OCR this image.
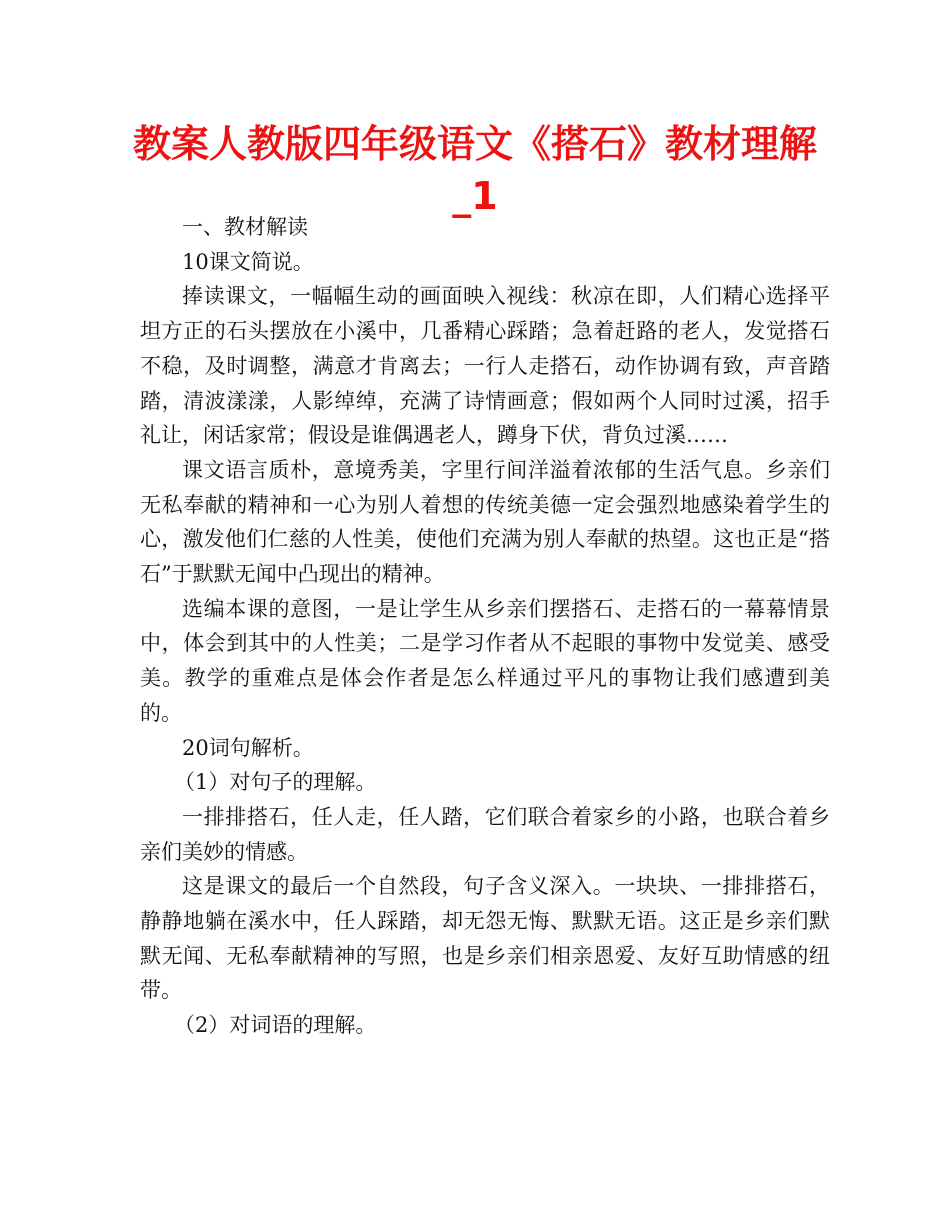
教案人教版四年级语文《搭石》教材理解_1

一、教材解读

10课文简说。

捧读课文，一幅幅生动的画面映入视线：秋凉在即，人们精心选择平坦方正的石头摆放在小溪中，几番精心踩踏；急着赶路的老人，发觉搭石不稳，及时调整，满意才肯离去；一行人走搭石，动作协调有致，声音踏踏，清波漾漾，人影绰绰，充满了诗情画意；假如两个人同时过溪，招手礼让，闲话家常；假设是谁偶遇老人，蹲身下伏，背负过溪……

课文语言质朴，意境秀美，字里行间洋溢着浓郁的生活气息。乡亲们无私奉献的精神和一心为别人着想的传统美德一定会强烈地感染着学生的心，激发他们仁慈的人性美，使他们充满为别人奉献的热望。这也正是“搭石”于默默无闻中凸现出的精神。

选编本课的意图，一是让学生从乡亲们摆搭石、走搭石的一幕幕情景中，体会到其中的人性美；二是学习作者从不起眼的事物中发觉美、感受美。教学的重难点是体会作者是怎么样通过平凡的事物让我们感遭到美的。

20词句解析。

（1）对句子的理解。

一排排搭石，任人走，任人踏，它们联合着家乡的小路，也联合着乡亲们美妙的情感。

这是课文的最后一个自然段，句子含义深入。一块块、一排排搭石，静静地躺在溪水中，任人踩踏，却无怨无悔、默默无语。这正是乡亲们默默无闻、无私奉献精神的写照，也是乡亲们相亲恩爱、友好互助情感的纽带。

（2）对词语的理解。
